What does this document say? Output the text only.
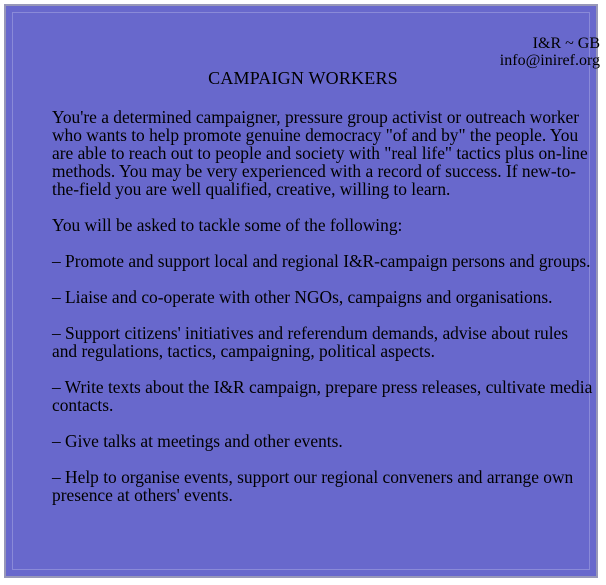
I&R ~ GB
info@iniref.org
CAMPAIGN WORKERS

You're a determined campaigner, pressure group activist or outreach worker who wants to help promote genuine democracy "of and by" the people. You are able to reach out to people and society with "real life" tactics plus on-line methods. You may be very experienced with a record of success. If new-to-the-field you are well qualified, creative, willing to learn.

You will be asked to tackle some of the following:

– Promote and support local and regional I&R-campaign persons and groups.

– Liaise and co-operate with other NGOs, campaigns and organisations.

– Support citizens' initiatives and referendum demands, advise about rules and regulations, tactics, campaigning, political aspects.

– Write texts about the I&R campaign, prepare press releases, cultivate media contacts.

– Give talks at meetings and other events.

– Help to organise events, support our regional conveners and arrange own presence at others' events.
